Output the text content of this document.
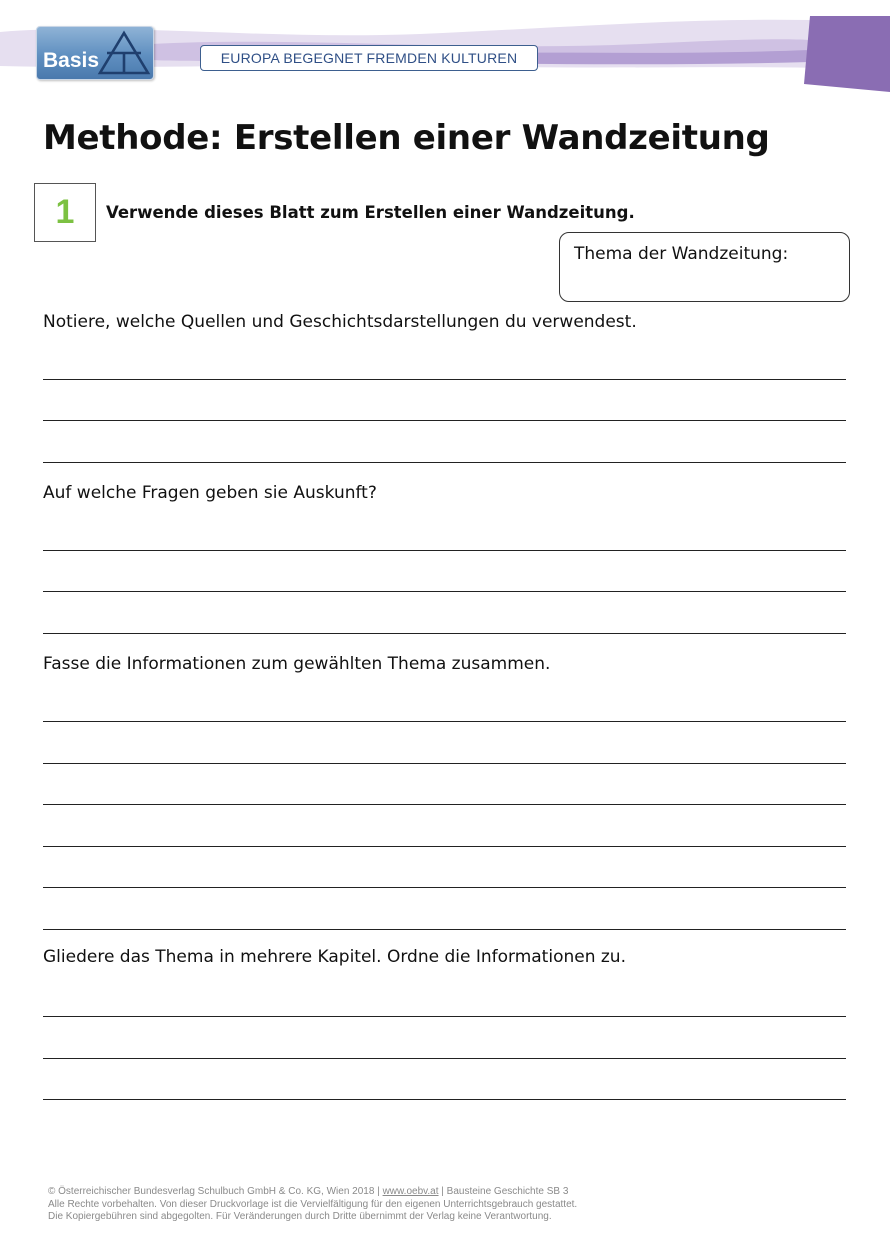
Basis	EUROPA BEGEGNET FREMDEN KULTUREN
Methode: Erstellen einer Wandzeitung
1 Verwende dieses Blatt zum Erstellen einer Wandzeitung.
Thema der Wandzeitung:
Notiere, welche Quellen und Geschichtsdarstellungen du verwendest.
Auf welche Fragen geben sie Auskunft?
Fasse die Informationen zum gewählten Thema zusammen.
Gliedere das Thema in mehrere Kapitel. Ordne die Informationen zu.
© Österreichischer Bundesverlag Schulbuch GmbH & Co. KG, Wien 2018 | www.oebv.at | Bausteine Geschichte SB 3
Alle Rechte vorbehalten. Von dieser Druckvorlage ist die Vervielfältigung für den eigenen Unterrichtsgebrauch gestattet.
Die Kopiergebühren sind abgegolten. Für Veränderungen durch Dritte übernimmt der Verlag keine Verantwortung.
